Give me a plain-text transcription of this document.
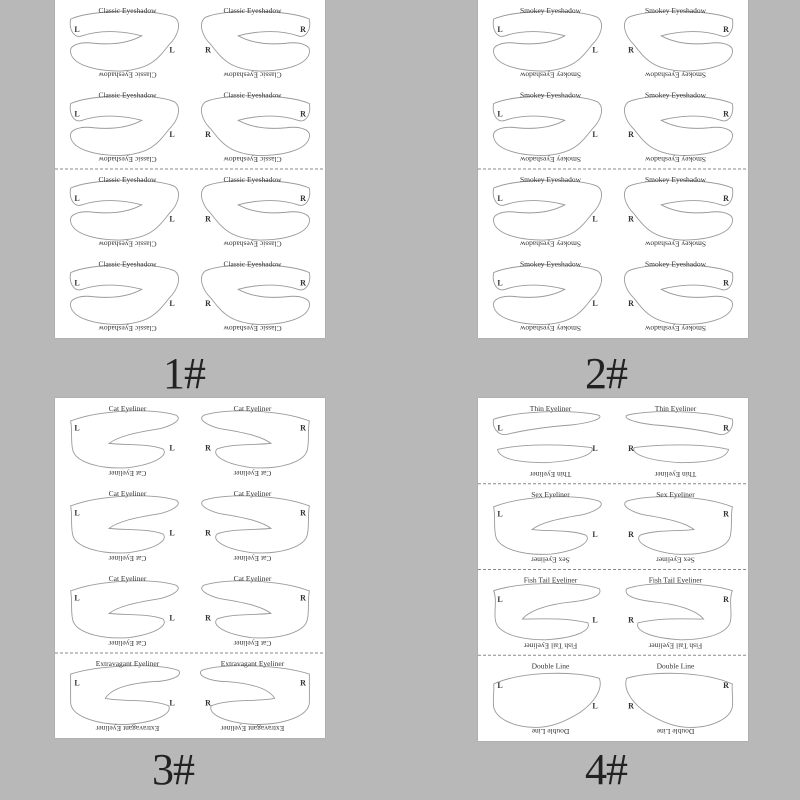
Classic Eyeshadow
Classic Eyeshadow
L
L
Classic Eyeshadow
Classic Eyeshadow
R
R
Classic Eyeshadow
Classic Eyeshadow
L
L
Classic Eyeshadow
Classic Eyeshadow
R
R
Classic Eyeshadow
Classic Eyeshadow
L
L
Classic Eyeshadow
Classic Eyeshadow
R
R
Classic Eyeshadow
Classic Eyeshadow
L
L
Classic Eyeshadow
Classic Eyeshadow
R
R
1#
Smokey Eyeshadow
Smokey Eyeshadow
L
L
Smokey Eyeshadow
Smokey Eyeshadow
R
R
Smokey Eyeshadow
Smokey Eyeshadow
L
L
Smokey Eyeshadow
Smokey Eyeshadow
R
R
Smokey Eyeshadow
Smokey Eyeshadow
L
L
Smokey Eyeshadow
Smokey Eyeshadow
R
R
Smokey Eyeshadow
Smokey Eyeshadow
L
L
Smokey Eyeshadow
Smokey Eyeshadow
R
R
2#
Cat Eyeliner
Cat Eyeliner
L
L
Cat Eyeliner
Cat Eyeliner
R
R
Cat Eyeliner
Cat Eyeliner
L
L
Cat Eyeliner
Cat Eyeliner
R
R
Cat Eyeliner
Cat Eyeliner
L
L
Cat Eyeliner
Cat Eyeliner
R
R
Extravagant Eyeliner
Extravagant Eyeliner
L
L
Extravagant Eyeliner
Extravagant Eyeliner
R
R
3#
Thin Eyeliner
Thin Eyeliner
L
L
Thin Eyeliner
Thin Eyeliner
R
R
Sex Eyeliner
Sex Eyeliner
L
L
Sex Eyeliner
Sex Eyeliner
R
R
Fish Tail Eyeliner
Fish Tail Eyeliner
L
L
Fish Tail Eyeliner
Fish Tail Eyeliner
R
R
Double Line
Double Line
L
L
Double Line
Double Line
R
R
4#
